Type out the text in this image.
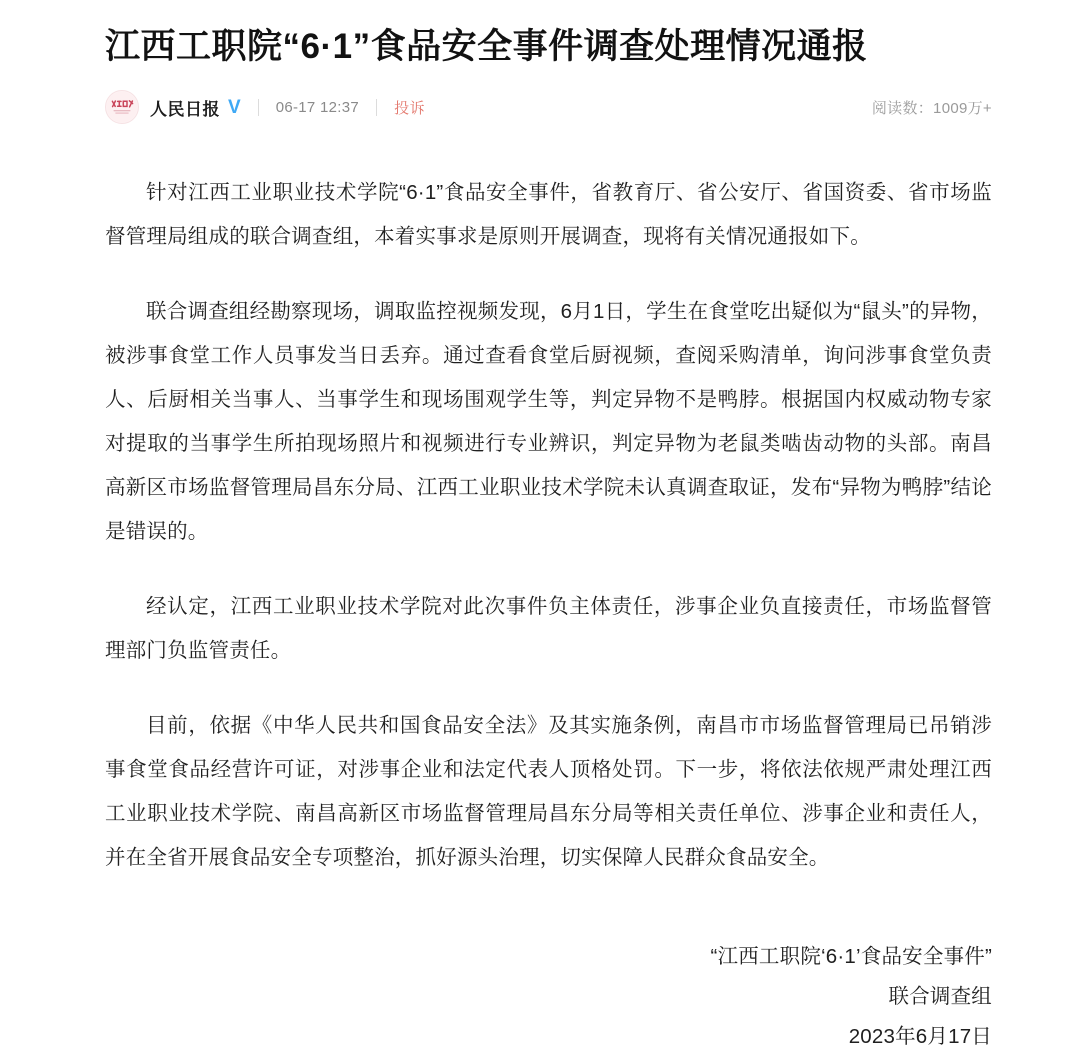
江西工职院“6·1”食品安全事件调查处理情况通报
人民日报 V 06-17 12:37 投诉	阅读数：1009万+

针对江西工业职业技术学院“6·1”食品安全事件，省教育厅、省公安厅、省国资委、省市场监督管理局组成的联合调查组，本着实事求是原则开展调查，现将有关情况通报如下。

联合调查组经勘察现场，调取监控视频发现，6月1日，学生在食堂吃出疑似为“鼠头”的异物，被涉事食堂工作人员事发当日丢弃。通过查看食堂后厨视频，查阅采购清单，询问涉事食堂负责人、后厨相关当事人、当事学生和现场围观学生等，判定异物不是鸭脖。根据国内权威动物专家对提取的当事学生所拍现场照片和视频进行专业辨识，判定异物为老鼠类啮齿动物的头部。南昌高新区市场监督管理局昌东分局、江西工业职业技术学院未认真调查取证，发布“异物为鸭脖”结论是错误的。

经认定，江西工业职业技术学院对此次事件负主体责任，涉事企业负直接责任，市场监督管理部门负监管责任。

目前，依据《中华人民共和国食品安全法》及其实施条例，南昌市市场监督管理局已吊销涉事食堂食品经营许可证，对涉事企业和法定代表人顶格处罚。下一步，将依法依规严肃处理江西工业职业技术学院、南昌高新区市场监督管理局昌东分局等相关责任单位、涉事企业和责任人，并在全省开展食品安全专项整治，抓好源头治理，切实保障人民群众食品安全。

“江西工职院‘6·1’食品安全事件”
联合调查组
2023年6月17日
